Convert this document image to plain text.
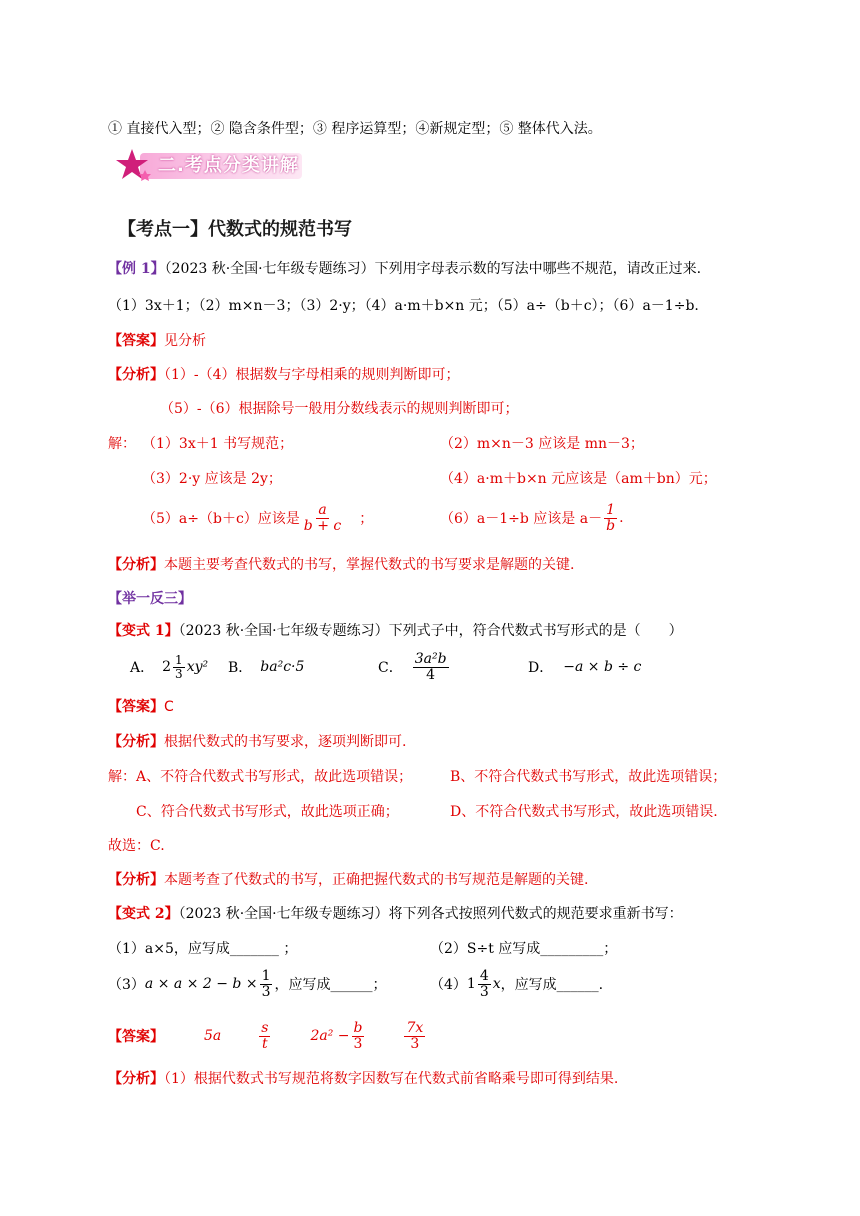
① 直接代入型；② 隐含条件型；③ 程序运算型；④新规定型；⑤ 整体代入法。
二.考点分类讲解
【考点一】代数式的规范书写
【例 1】（2023 秋·全国·七年级专题练习）下列用字母表示数的写法中哪些不规范，请改正过来.
（1）3x＋1；（2）m×n－3；（3）2·y；（4）a·m＋b×n 元；（5）a÷（b＋c）；（6）a－1÷b.
【答案】见分析
【分析】（1）-（4）根据数与字母相乘的规则判断即可；
（5）-（6）根据除号一般用分数线表示的规则判断即可；
解： （1）3x＋1 书写规范；	（2）m×n－3 应该是 mn－3；
（3）2·y 应该是 2y；	（4）a·m＋b×n 元应该是（am＋bn）元；
（5）a÷（b＋c）应该是 $\frac{a}{b + c}$ ；	（6）a－1÷b 应该是 $a- \frac{1}{b}$ .
【分析】本题主要考查代数式的书写，掌握代数式的书写要求是解题的关键.
【举一反三】
【变式 1】（2023 秋·全国·七年级专题练习）下列式子中，符合代数式书写形式的是（　　）
A． $2 \frac{1}{3} xy^2$ B． ba²c·5	C． $\frac{\text{3a²b}}{4}$	D． −a × b ÷ c
【答案】C
【分析】根据代数式的书写要求，逐项判断即可.
解：A、不符合代数式书写形式，故此选项错误；	B、不符合代数式书写形式，故此选项错误；
C、符合代数式书写形式，故此选项正确；	D、不符合代数式书写形式，故此选项错误.
故选：C.
【分析】本题考查了代数式的书写，正确把握代数式的书写规范是解题的关键.
【变式 2】（2023 秋·全国·七年级专题练习）将下列各式按照列代数式的规范要求重新书写：
（1）a×5，应写成_______ ；	（2）S÷t 应写成_________；
（3） $a \times a \times 2 - b \times \frac{1}{3}$ ，应写成______；	（4） $1 \frac{4}{3}$ x ，应写成______.
【答案】	5a	$\frac{s}{t}$	$2a^2 - \frac{b}{3}$	$\frac{7x}{3}$
【分析】（1）根据代数式书写规范将数字因数写在代数式前省略乘号即可得到结果.
